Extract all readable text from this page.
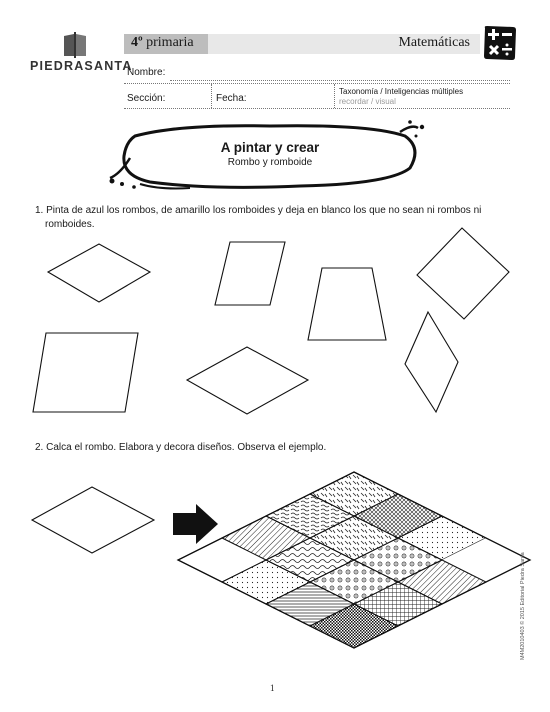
PIEDRASANTA
4º primaria	Matemáticas
Nombre:
Sección:	Fecha:
Taxonomía / Inteligencias múltiples
recordar / visual
A pintar y crear
Rombo y romboide
1. Pinta de azul los rombos, de amarillo los romboides y deja en blanco los que no sean ni rombos ni
romboides.
2. Calca el rombo. Elabora y decora diseños. Observa el ejemplo.
1
M4M2010403 © 2015 Editorial Piedra Santa
